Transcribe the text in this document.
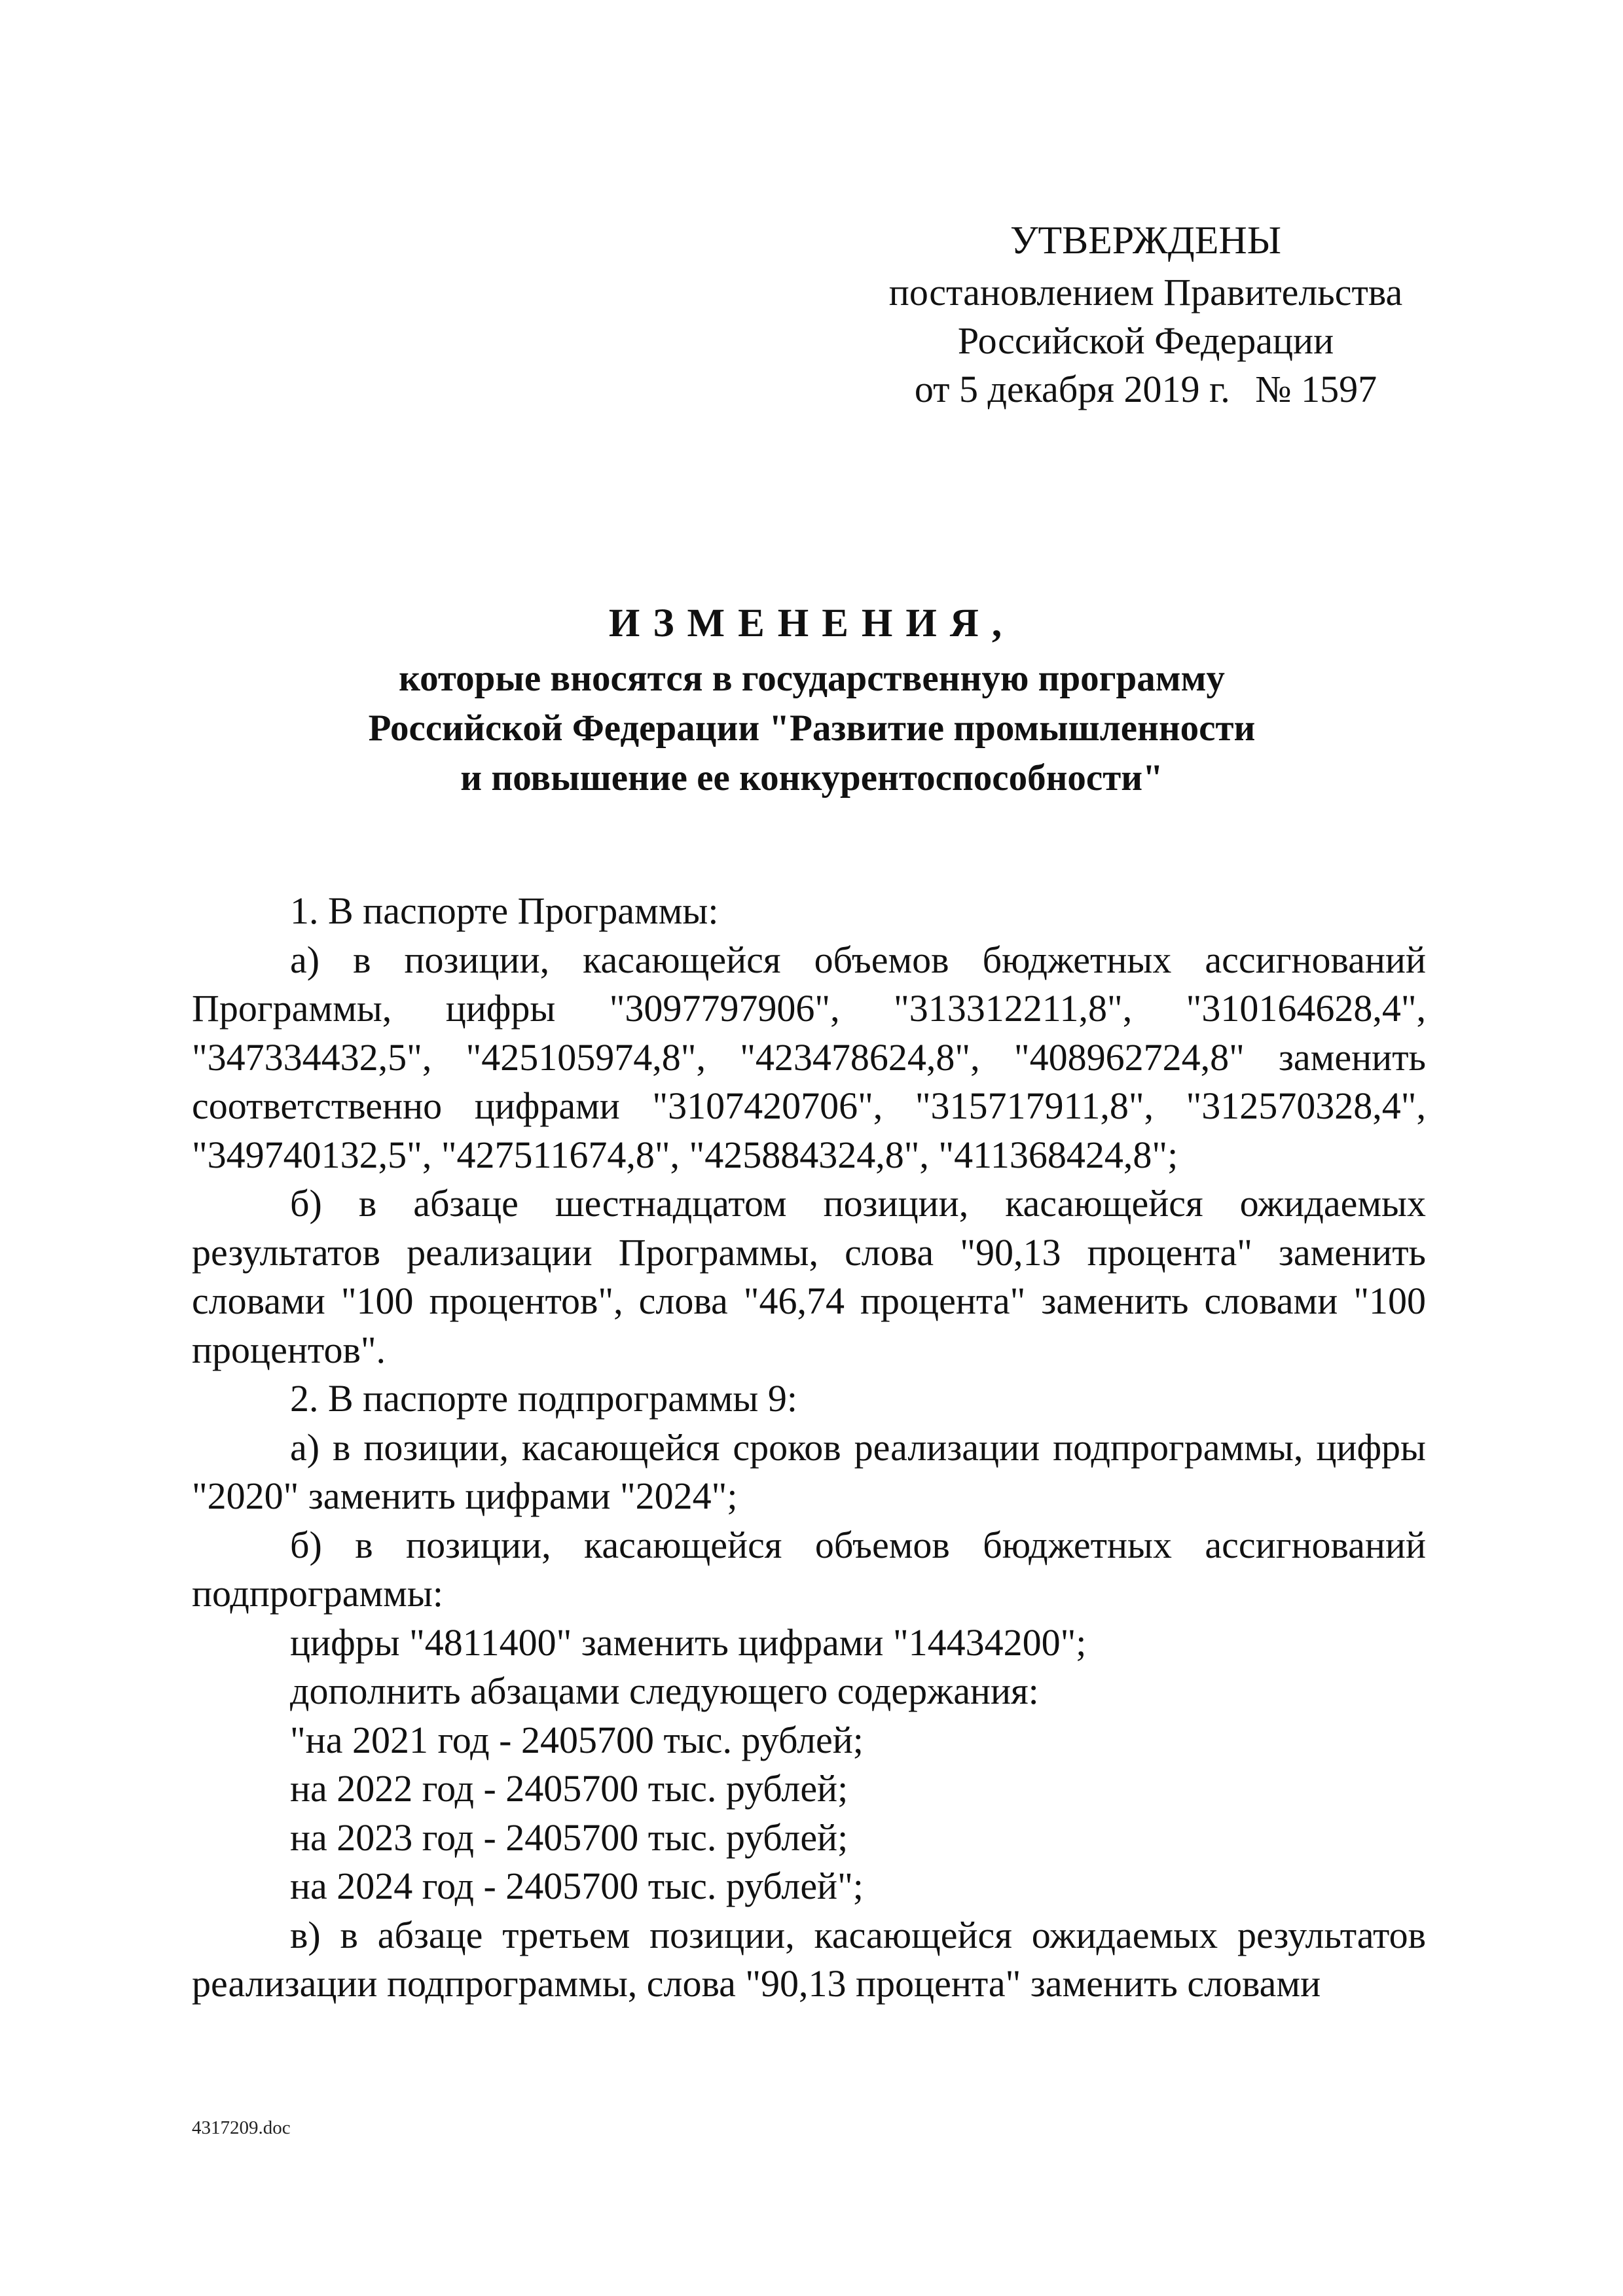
УТВЕРЖДЕНЫ
постановлением Правительства
Российской Федерации
от 5 декабря 2019 г. № 1597
ИЗМЕНЕНИЯ,
которые вносятся в государственную программу
Российской Федерации "Развитие промышленности
и повышение ее конкурентоспособности"

1. В паспорте Программы:

а) в позиции, касающейся объемов бюджетных ассигнований Программы, цифры "3097797906", "313312211,8", "310164628,4", "347334432,5", "425105974,8", "423478624,8", "408962724,8" заменить соответственно цифрами "3107420706", "315717911,8", "312570328,4", "349740132,5", "427511674,8", "425884324,8", "411368424,8";

б) в абзаце шестнадцатом позиции, касающейся ожидаемых результатов реализации Программы, слова "90,13 процента" заменить словами "100 процентов", слова "46,74 процента" заменить словами "100 процентов".

2. В паспорте подпрограммы 9:

а) в позиции, касающейся сроков реализации подпрограммы, цифры "2020" заменить цифрами "2024";

б) в позиции, касающейся объемов бюджетных ассигнований подпрограммы:

цифры "4811400" заменить цифрами "14434200";

дополнить абзацами следующего содержания:

"на 2021 год - 2405700 тыс. рублей;

на 2022 год - 2405700 тыс. рублей;

на 2023 год - 2405700 тыс. рублей;

на 2024 год - 2405700 тыс. рублей";

в) в абзаце третьем позиции, касающейся ожидаемых результатов реализации подпрограммы, слова "90,13 процента" заменить словами

4317209.doc
